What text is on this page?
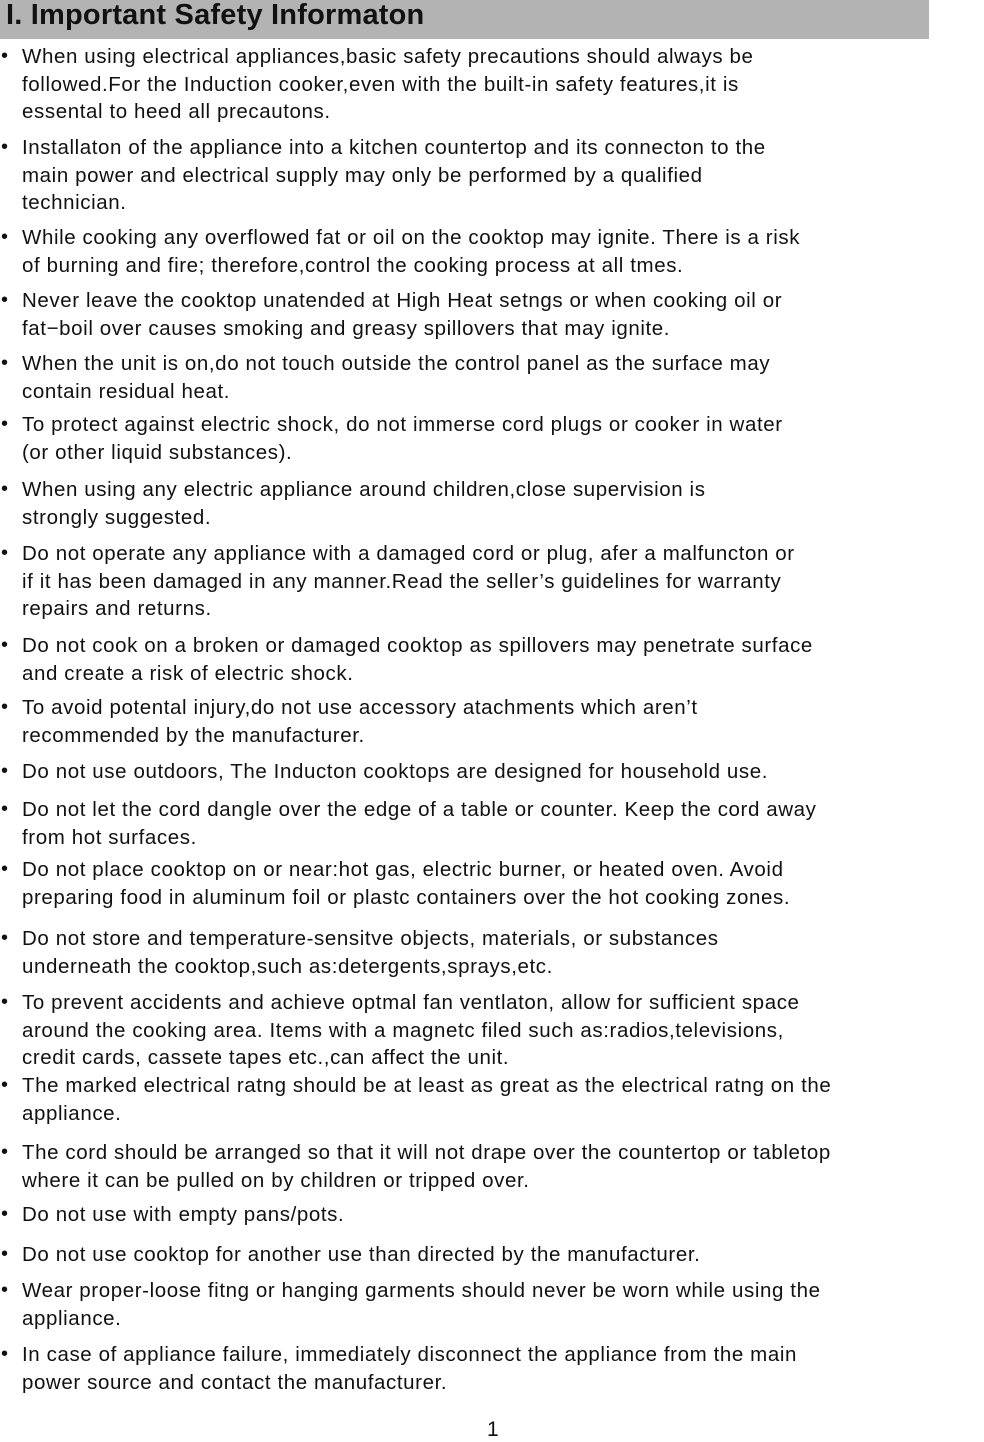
I. Important Safety Informaton
• When using electrical appliances,basic safety precautions should always be
followed.For the Induction cooker,even with the built-in safety features,it is
essental to heed all precautons.
• Installaton of the appliance into a kitchen countertop and its connecton to the
main power and electrical supply may only be performed by a qualified
technician.
• While cooking any overflowed fat or oil on the cooktop may ignite. There is a risk
of burning and fire; therefore,control the cooking process at all tmes.
• Never leave the cooktop unatended at High Heat setngs or when cooking oil or
fat−boil over causes smoking and greasy spillovers that may ignite.
• When the unit is on,do not touch outside the control panel as the surface may
contain residual heat.
• To protect against electric shock, do not immerse cord plugs or cooker in water
(or other liquid substances).
• When using any electric appliance around children,close supervision is
strongly suggested.
• Do not operate any appliance with a damaged cord or plug, afer a malfuncton or
if it has been damaged in any manner.Read the seller’s guidelines for warranty
repairs and returns.
• Do not cook on a broken or damaged cooktop as spillovers may penetrate surface
and create a risk of electric shock.
• To avoid potental injury,do not use accessory atachments which aren’t
recommended by the manufacturer.
• Do not use outdoors, The Inducton cooktops are designed for household use.
• Do not let the cord dangle over the edge of a table or counter. Keep the cord away
from hot surfaces.
• Do not place cooktop on or near:hot gas, electric burner, or heated oven. Avoid
preparing food in aluminum foil or plastc containers over the hot cooking zones.
• Do not store and temperature-sensitve objects, materials, or substances
underneath the cooktop,such as:detergents,sprays,etc.
• To prevent accidents and achieve optmal fan ventlaton, allow for sufficient space
around the cooking area. Items with a magnetc filed such as:radios,televisions,
credit cards, cassete tapes etc.,can affect the unit.
• The marked electrical ratng should be at least as great as the electrical ratng on the
appliance.
• The cord should be arranged so that it will not drape over the countertop or tabletop
where it can be pulled on by children or tripped over.
• Do not use with empty pans/pots.
• Do not use cooktop for another use than directed by the manufacturer.
• Wear proper-loose fitng or hanging garments should never be worn while using the
appliance.
• In case of appliance failure, immediately disconnect the appliance from the main
power source and contact the manufacturer.
1
